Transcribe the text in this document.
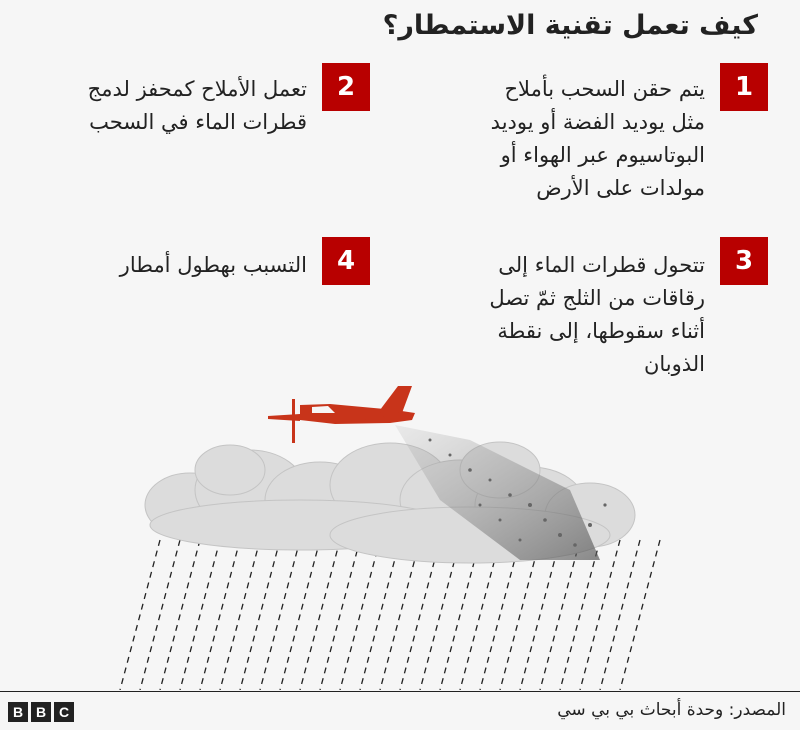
كيف تعمل تقنية الاستمطار؟
1
يتم حقن السحب بأملاح
مثل يوديد الفضة أو يوديد
البوتاسيوم عبر الهواء أو
مولدات على الأرض
2
تعمل الأملاح كمحفز لدمج
قطرات الماء في السحب
3
تتحول قطرات الماء إلى
رقاقات من الثلج ثمّ تصل
أثناء سقوطها، إلى نقطة
الذوبان
4
التسبب بهطول أمطار
B B C	المصدر: وحدة أبحاث بي بي سي
